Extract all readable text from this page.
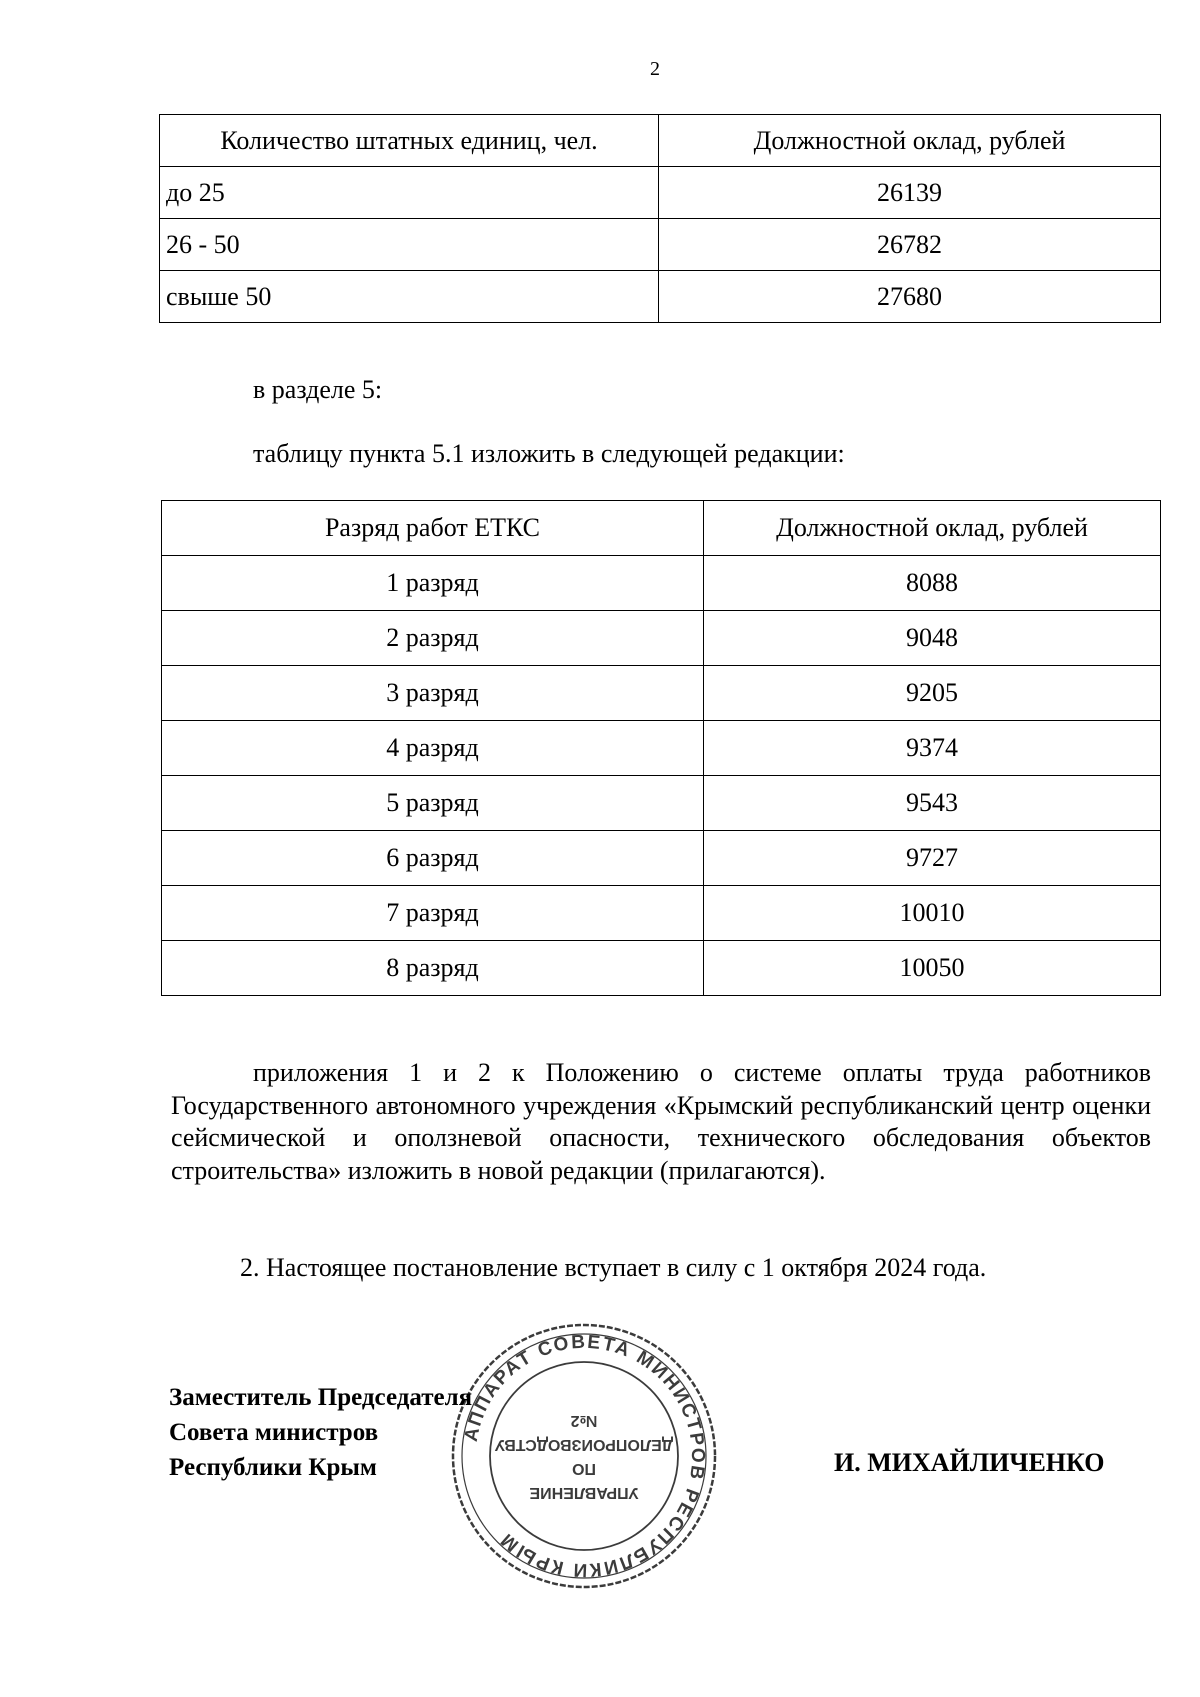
2
Количество штатных единиц, чел.	Должностной оклад, рублей
до 25	26139
26 - 50	26782
свыше 50	27680
в разделе 5:
таблицу пункта 5.1 изложить в следующей редакции:
Разряд работ ЕТКС	Должностной оклад, рублей
1 разряд	8088
2 разряд	9048
3 разряд	9205
4 разряд	9374
5 разряд	9543
6 разряд	9727
7 разряд	10010
8 разряд	10050
приложения 1 и 2 к Положению о системе оплаты труда работников Государственного автономного учреждения «Крымский республиканский центр оценки сейсмической и оползневой опасности, технического обследования объектов строительства» изложить в новой редакции (прилагаются).
2. Настоящее постановление вступает в силу с 1 октября 2024 года.
АППАРАТ СОВЕТА МИНИСТРОВ РЕСПУБЛИКИ КРЫМ
УПРАВЛЕНИЕ
ПО
ДЕЛОПРОИЗВОДСТВУ
№2
Заместитель Председателя
Совета министров
Республики Крым	И. МИХАЙЛИЧЕНКО
